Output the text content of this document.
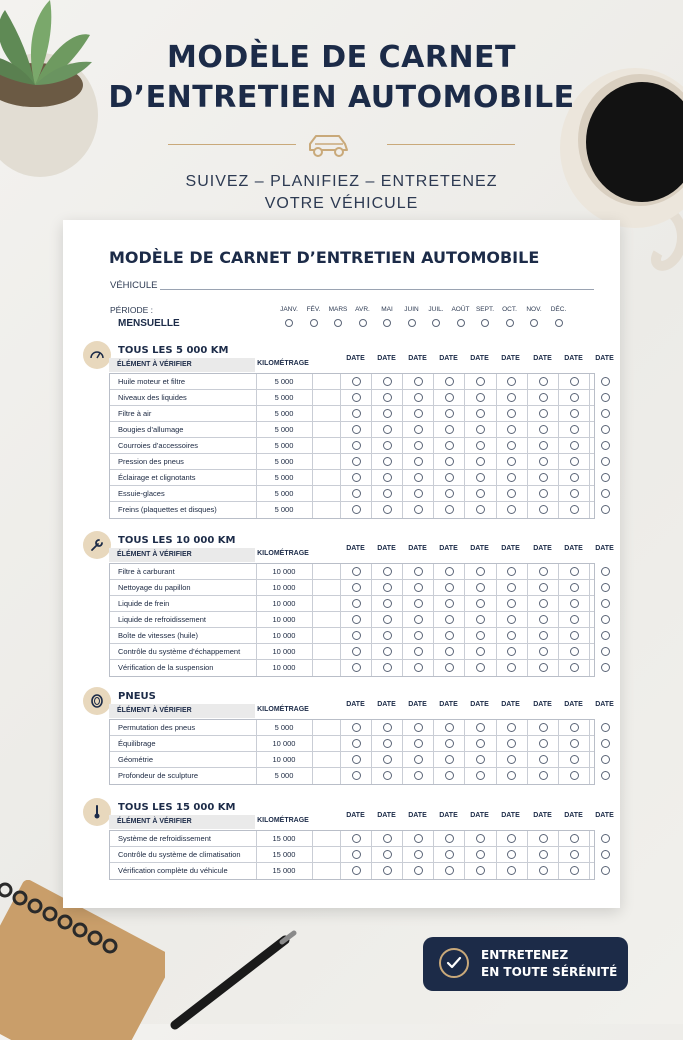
MODÈLE DE CARNET
D’ENTRETIEN AUTOMOBILE
SUIVEZ – PLANIFIEZ – ENTRETENEZ
VOTRE VÉHICULE
MODÈLE DE CARNET D’ENTRETIEN AUTOMOBILE
VÉHICULE
PÉRIODE :
MENSUELLE
JANV.	FÉV.	MARS	AVR.	MAI	JUIN	JUIL.	AOÛT SEPT.	OCT.	NOV.	DÉC.
TOUS LES 5 000 KM
ÉLÉMENT À VÉRIFIER	KILOMÉTRAGE
DATE	DATE	DATE	DATE	DATE	DATE	DATE	DATE	DATE
Huile moteur et filtre	5 000
Niveaux des liquides	5 000
Filtre à air	5 000
Bougies d’allumage	5 000
Courroies d’accessoires	5 000
Pression des pneus	5 000
Éclairage et clignotants	5 000
Essuie-glaces	5 000
Freins (plaquettes et disques)	5 000
TOUS LES 10 000 KM
ÉLÉMENT À VÉRIFIER	KILOMÉTRAGE
DATE	DATE	DATE	DATE	DATE	DATE	DATE	DATE	DATE
Filtre à carburant	10 000
Nettoyage du papillon	10 000
Liquide de frein	10 000
Liquide de refroidissement	10 000
Boîte de vitesses (huile)	10 000
Contrôle du système d’échappement	10 000
Vérification de la suspension	10 000
PNEUS
ÉLÉMENT À VÉRIFIER	KILOMÉTRAGE
DATE	DATE	DATE	DATE	DATE	DATE	DATE	DATE	DATE
Permutation des pneus	5 000
Équilibrage	10 000
Géométrie	10 000
Profondeur de sculpture	5 000
TOUS LES 15 000 KM
ÉLÉMENT À VÉRIFIER	KILOMÉTRAGE
DATE	DATE	DATE	DATE	DATE	DATE	DATE	DATE	DATE
Système de refroidissement	15 000
Contrôle du système de climatisation	15 000
Vérification complète du véhicule	15 000
ENTRETENEZ
EN TOUTE SÉRÉNITÉ
